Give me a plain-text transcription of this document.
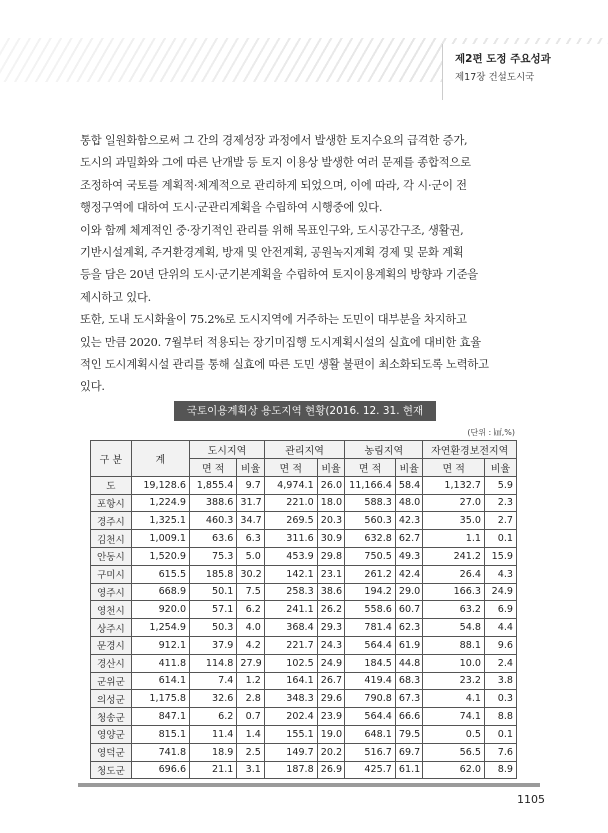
제2편 도정 주요성과
제17장 건설도시국

통합 일원화함으로써 그 간의 경제성장 과정에서 발생한 토지수요의 급격한 증가,

도시의 과밀화와 그에 따른 난개발 등 토지 이용상 발생한 여러 문제를 종합적으로

조정하여 국토를 계획적·체계적으로 관리하게 되었으며, 이에 따라, 각 시·군이 전

행정구역에 대하여 도시·군관리계획을 수립하여 시행중에 있다.

이와 함께 체계적인 중·장기적인 관리를 위해 목표인구와, 도시공간구조, 생활권,

기반시설계획, 주거환경계획, 방재 및 안전계획, 공원녹지계획 경제 및 문화 계획

등을 담은 20년 단위의 도시·군기본계획을 수립하여 토지이용계획의 방향과 기준을

제시하고 있다.

또한, 도내 도시화율이 75.2%로 도시지역에 거주하는 도민이 대부분을 차지하고

있는 만큼 2020. 7월부터 적용되는 장기미집행 도시계획시설의 실효에 대비한 효율

적인 도시계획시설 관리를 통해 실효에 따른 도민 생활 불편이 최소화되도록 노력하고

있다.

국토이용계획상 용도지역 현황(2016. 12. 31. 현재
(단위 : ㎢,%)
구 분	계	도시지역		관리지역		농림지역		자연환경보전지역	
		면 적	비율	면 적	비율	면 적	비율	면 적	비율
도	19,128.6	1,855.4	9.7	4,974.1	26.0	11,166.4	58.4	1,132.7	5.9
포항시	1,224.9	388.6	31.7	221.0	18.0	588.3	48.0	27.0	2.3
경주시	1,325.1	460.3	34.7	269.5	20.3	560.3	42.3	35.0	2.7
김천시	1,009.1	63.6	6.3	311.6	30.9	632.8	62.7	1.1	0.1
안동시	1,520.9	75.3	5.0	453.9	29.8	750.5	49.3	241.2	15.9
구미시	615.5	185.8	30.2	142.1	23.1	261.2	42.4	26.4	4.3
영주시	668.9	50.1	7.5	258.3	38.6	194.2	29.0	166.3	24.9
영천시	920.0	57.1	6.2	241.1	26.2	558.6	60.7	63.2	6.9
상주시	1,254.9	50.3	4.0	368.4	29.3	781.4	62.3	54.8	4.4
문경시	912.1	37.9	4.2	221.7	24.3	564.4	61.9	88.1	9.6
경산시	411.8	114.8	27.9	102.5	24.9	184.5	44.8	10.0	2.4
군위군	614.1	7.4	1.2	164.1	26.7	419.4	68.3	23.2	3.8
의성군	1,175.8	32.6	2.8	348.3	29.6	790.8	67.3	4.1	0.3
청송군	847.1	6.2	0.7	202.4	23.9	564.4	66.6	74.1	8.8
영양군	815.1	11.4	1.4	155.1	19.0	648.1	79.5	0.5	0.1
영덕군	741.8	18.9	2.5	149.7	20.2	516.7	69.7	56.5	7.6
청도군	696.6	21.1	3.1	187.8	26.9	425.7	61.1	62.0	8.9
1105
